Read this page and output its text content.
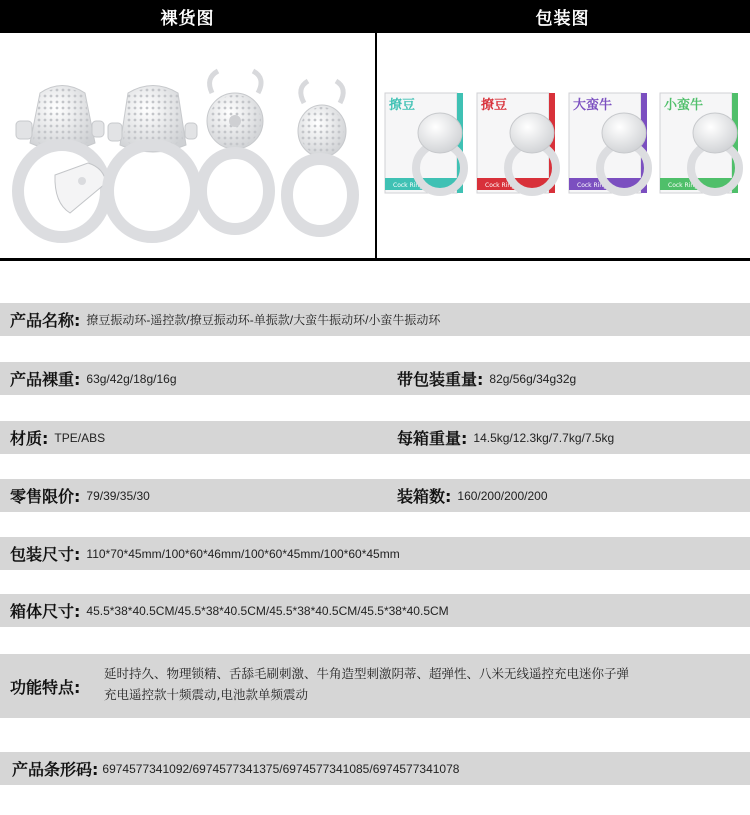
裸货图	包装图
撩豆
Cock Ring
撩豆
Cock Ring
大蛮牛
Cock Ring
小蛮牛
Cock Ring
产品名称: 撩豆振动环-遥控款/撩豆振动环-单振款/大蛮牛振动环/小蛮牛振动环
产品裸重: 63g/42g/18g/16g	带包装重量: 82g/56g/34g32g
材质: TPE/ABS	每箱重量: 14.5kg/12.3kg/7.7kg/7.5kg
零售限价: 79/39/35/30	装箱数: 160/200/200/200
包装尺寸: 110*70*45mm/100*60*46mm/100*60*45mm/100*60*45mm
箱体尺寸: 45.5*38*40.5CM/45.5*38*40.5CM/45.5*38*40.5CM/45.5*38*40.5CM
功能特点:
延时持久、物理锁精、舌舔毛刷刺激、牛角造型刺激阴蒂、超弹性、八米无线遥控充电迷你子弹
充电遥控款十频震动,电池款单频震动
产品条形码: 6974577341092/6974577341375/6974577341085/6974577341078
